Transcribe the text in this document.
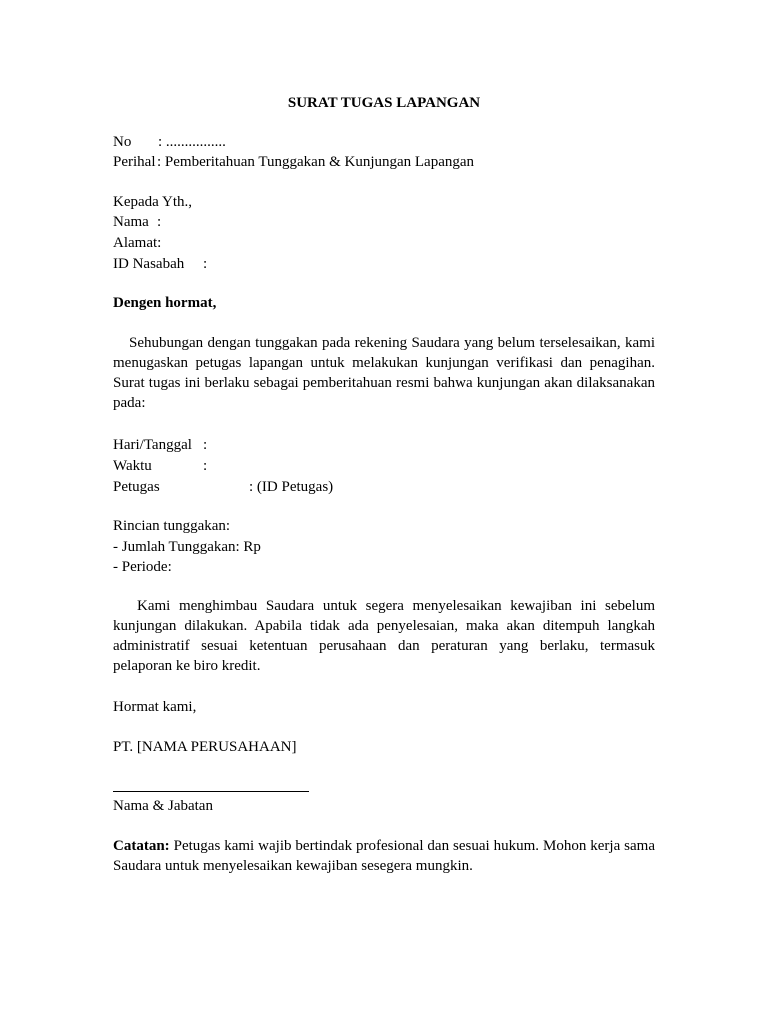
SURAT TUGAS LAPANGAN
No : ................
Perihal : Pemberitahuan Tunggakan & Kunjungan Lapangan
Kepada Yth.,
Nama :
Alamat:
ID Nasabah :
Dengen hormat,
Sehubungan dengan tunggakan pada rekening Saudara yang belum terselesaikan, kami menugaskan petugas lapangan untuk melakukan kunjungan verifikasi dan penagihan. Surat tugas ini berlaku sebagai pemberitahuan resmi bahwa kunjungan akan dilaksanakan pada:
Hari/Tanggal :
Waktu	:
Petugas	: (ID Petugas)
Rincian tunggakan:
- Jumlah Tunggakan: Rp
- Periode:
Kami menghimbau Saudara untuk segera menyelesaikan kewajiban ini sebelum kunjungan dilakukan. Apabila tidak ada penyelesaian, maka akan ditempuh langkah administratif sesuai ketentuan perusahaan dan peraturan yang berlaku, termasuk pelaporan ke biro kredit.
Hormat kami,
PT. [NAMA PERUSAHAAN]
Nama & Jabatan
Catatan: Petugas kami wajib bertindak profesional dan sesuai hukum. Mohon kerja sama Saudara untuk menyelesaikan kewajiban sesegera mungkin.
